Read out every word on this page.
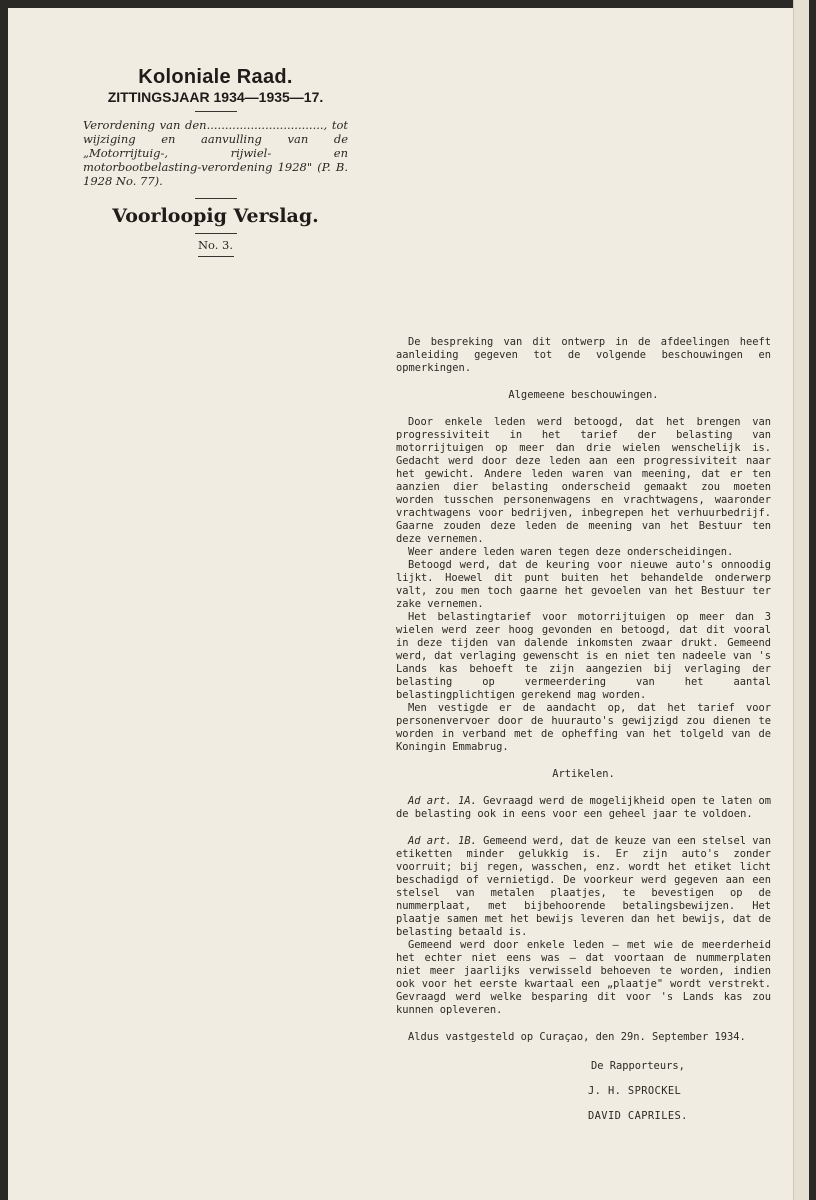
Koloniale Raad.

ZITTINGSJAAR 1934—1935—17.

Verordening van den................................, tot wijziging en aanvulling van de „Motorrijtuig-, rijwiel- en motorbootbelasting-verordening 1928" (P. B. 1928 No. 77).

Voorloopig Verslag.

No. 3.

De bespreking van dit ontwerp in de afdeelingen heeft aanleiding gegeven tot de volgende beschouwingen en opmerkingen.

Algemeene beschouwingen.

Door enkele leden werd betoogd, dat het brengen van progressiviteit in het tarief der belasting van motorrijtuigen op meer dan drie wielen wenschelijk is. Gedacht werd door deze leden aan een progressiviteit naar het gewicht. Andere leden waren van meening, dat er ten aanzien dier belasting onderscheid gemaakt zou moeten worden tusschen personenwagens en vrachtwagens, waaronder vrachtwagens voor bedrijven, inbegrepen het verhuurbedrijf. Gaarne zouden deze leden de meening van het Bestuur ten deze vernemen.

Weer andere leden waren tegen deze onderscheidingen.

Betoogd werd, dat de keuring voor nieuwe auto's onnoodig lijkt. Hoewel dit punt buiten het behandelde onderwerp valt, zou men toch gaarne het gevoelen van het Bestuur ter zake vernemen.

Het belastingtarief voor motorrijtuigen op meer dan 3 wielen werd zeer hoog gevonden en betoogd, dat dit vooral in deze tijden van dalende inkomsten zwaar drukt. Gemeend werd, dat verlaging gewenscht is en niet ten nadeele van 's Lands kas behoeft te zijn aangezien bij verlaging der belasting op vermeerdering van het aantal belastingplichtigen gerekend mag worden.

Men vestigde er de aandacht op, dat het tarief voor personenvervoer door de huurauto's gewijzigd zou dienen te worden in verband met de opheffing van het tolgeld van de Koningin Emmabrug.

Artikelen.

Ad art. 1A. Gevraagd werd de mogelijkheid open te laten om de belasting ook in eens voor een geheel jaar te voldoen.

Ad art. 1B. Gemeend werd, dat de keuze van een stelsel van etiketten minder gelukkig is. Er zijn auto's zonder voorruit; bij regen, wasschen, enz. wordt het etiket licht beschadigd of vernietigd. De voorkeur werd gegeven aan een stelsel van metalen plaatjes, te bevestigen op de nummerplaat, met bijbehoorende betalingsbewijzen. Het plaatje samen met het bewijs leveren dan het bewijs, dat de belasting betaald is.

Gemeend werd door enkele leden — met wie de meerderheid het echter niet eens was — dat voortaan de nummerplaten niet meer jaarlijks verwisseld behoeven te worden, indien ook voor het eerste kwartaal een „plaatje" wordt verstrekt. Gevraagd werd welke besparing dit voor 's Lands kas zou kunnen opleveren.

Aldus vastgesteld op Curaçao, den 29n. September 1934.

De Rapporteurs,

J. H. SPROCKEL

DAVID CAPRILES.
